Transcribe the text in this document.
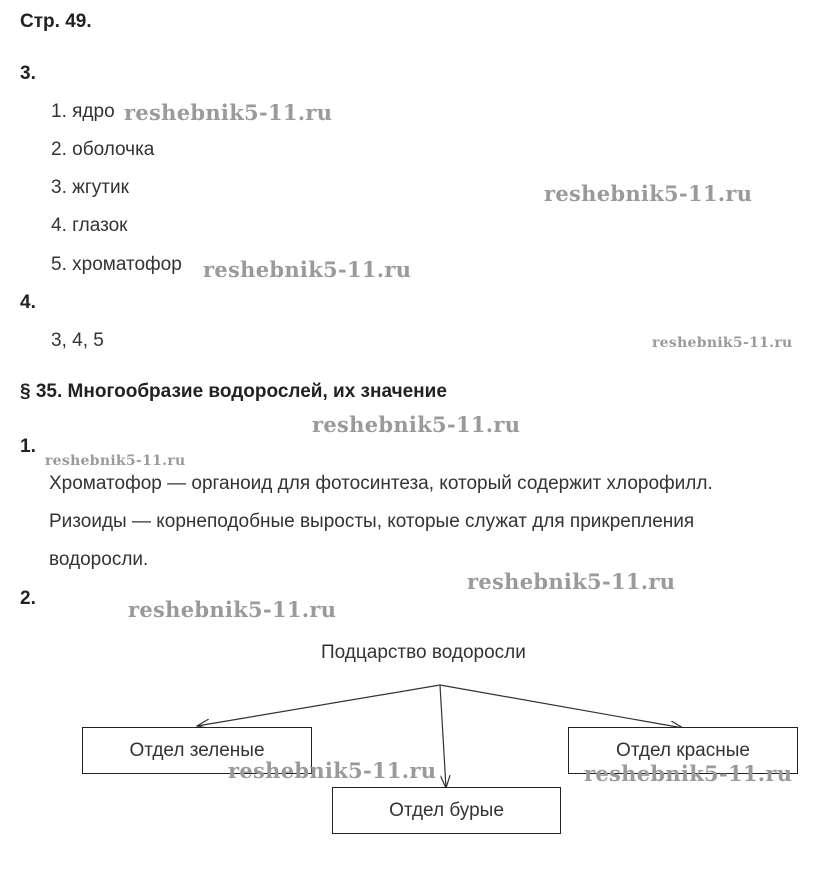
Стр. 49.
3.
1. ядро
2. оболочка
3. жгутик
4. глазок
5. хроматофор
4.
3, 4, 5
§ 35. Многообразие водорослей, их значение
1.
Хроматофор — органоид для фотосинтеза, который содержит хлорофилл.
Ризоиды — корнеподобные выросты, которые служат для прикрепления
водоросли.
2.
Подцарство водоросли
Отдел зеленые
Отдел бурые
Отдел красные
reshebnik5-11.ru
reshebnik5-11.ru
reshebnik5-11.ru
reshebnik5-11.ru
reshebnik5-11.ru
reshebnik5-11.ru
reshebnik5-11.ru
reshebnik5-11.ru
reshebnik5-11.ru	reshebnik5-11.ru
